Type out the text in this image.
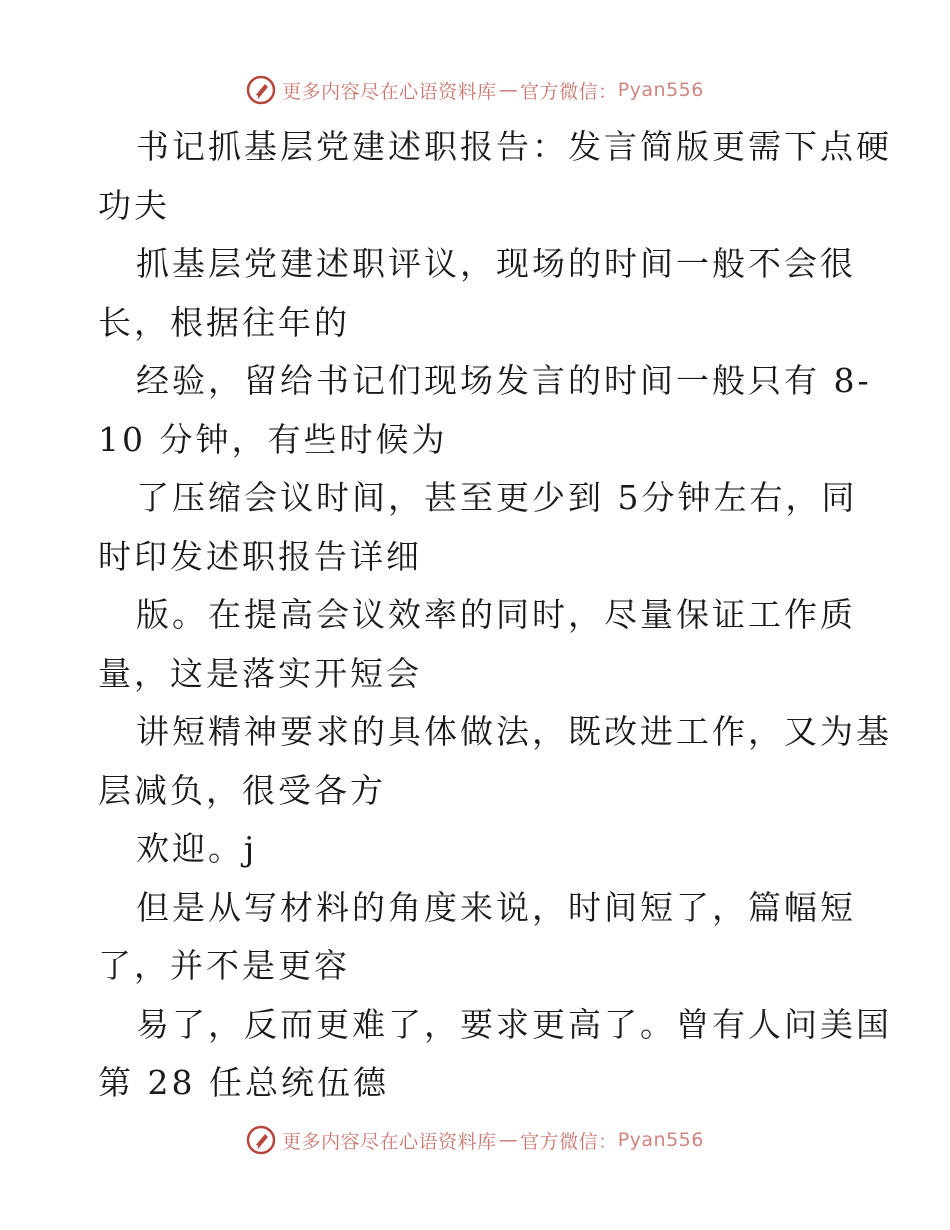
更多内容尽在心语资料库 — 官方微信： Pyan556
书记抓基层党建述职报告：发言简版更需下点硬
功夫
抓基层党建述职评议，现场的时间一般不会很
长，根据往年的
经验，留给书记们现场发言的时间一般只有 8-
10 分钟，有些时候为
了压缩会议时间，甚至更少到 5分钟左右，同
时印发述职报告详细
版。在提高会议效率的同时，尽量保证工作质
量，这是落实开短会
讲短精神要求的具体做法，既改进工作，又为基
层减负，很受各方
欢迎。j
但是从写材料的角度来说，时间短了，篇幅短
了，并不是更容
易了，反而更难了，要求更高了。曾有人问美国
第 28 任总统伍德
更多内容尽在心语资料库 — 官方微信： Pyan556
